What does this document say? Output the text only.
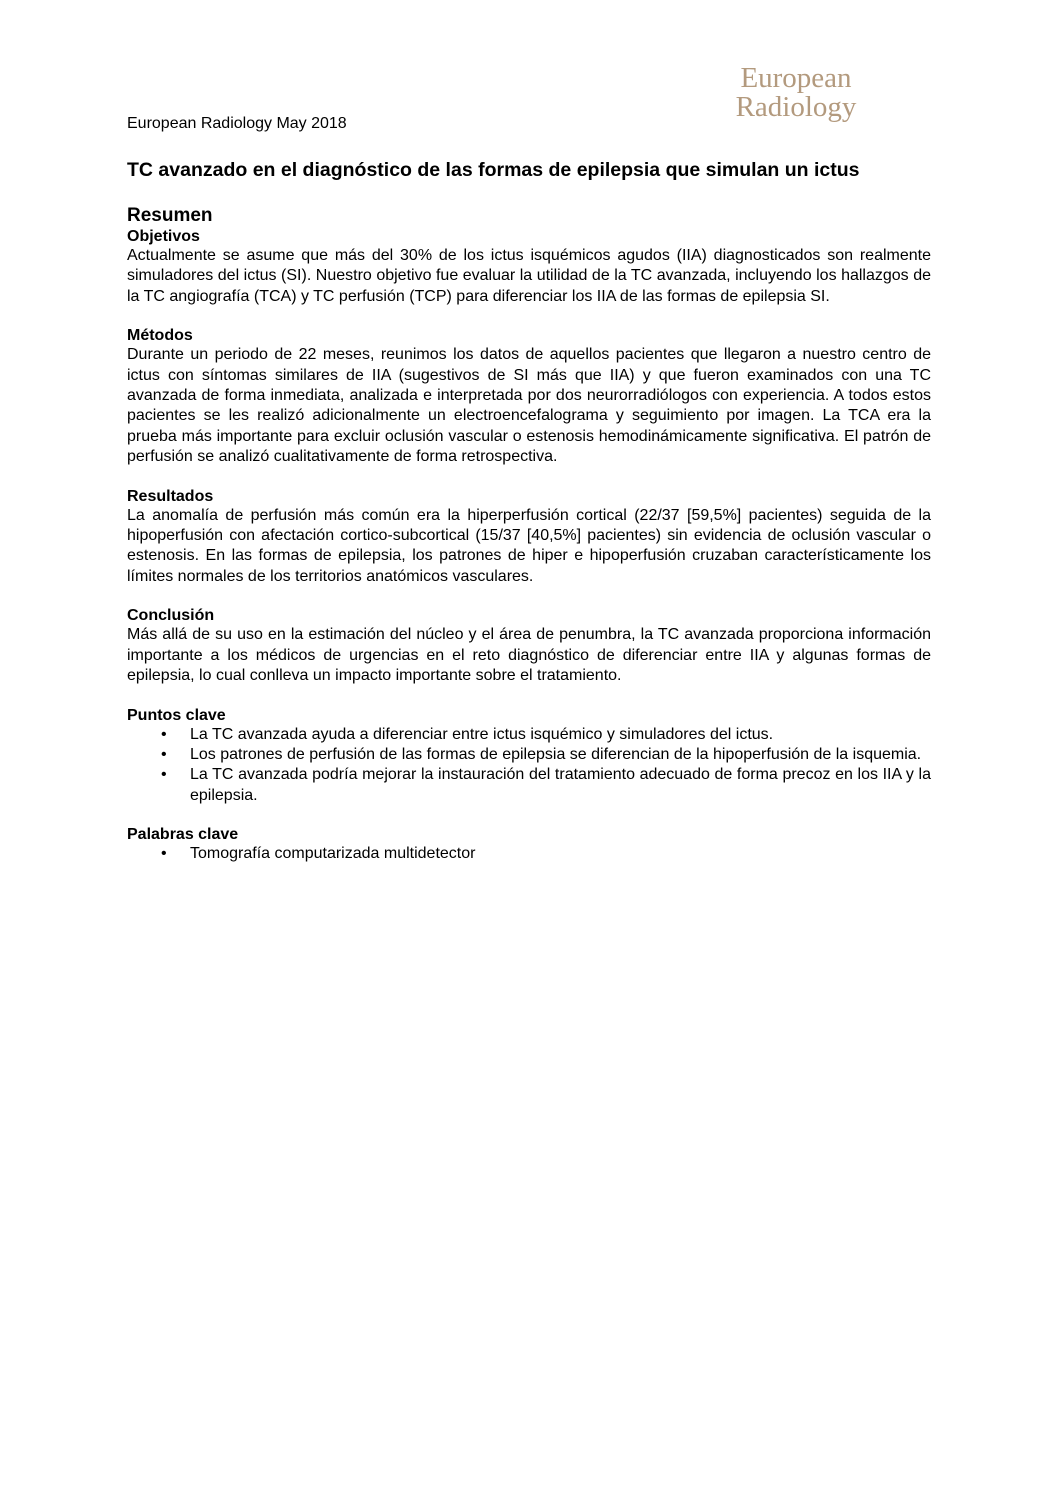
European
Radiology
European Radiology May 2018
TC avanzado en el diagnóstico de las formas de epilepsia que simulan un ictus
Resumen
Objetivos

Actualmente se asume que más del 30% de los ictus isquémicos agudos (IIA) diagnosticados son realmente simuladores del ictus (SI). Nuestro objetivo fue evaluar la utilidad de la TC avanzada, incluyendo los hallazgos de la TC angiografía (TCA) y TC perfusión (TCP) para diferenciar los IIA de las formas de epilepsia SI.

Métodos

Durante un periodo de 22 meses, reunimos los datos de aquellos pacientes que llegaron a nuestro centro de ictus con síntomas similares de IIA (sugestivos de SI más que IIA) y que fueron examinados con una TC avanzada de forma inmediata, analizada e interpretada por dos neurorradiólogos con experiencia. A todos estos pacientes se les realizó adicionalmente un electroencefalograma y seguimiento por imagen. La TCA era la prueba más importante para excluir oclusión vascular o estenosis hemodinámicamente significativa. El patrón de perfusión se analizó cualitativamente de forma retrospectiva.

Resultados

La anomalía de perfusión más común era la hiperperfusión cortical (22/37 [59,5%] pacientes) seguida de la hipoperfusión con afectación cortico-subcortical (15/37 [40,5%] pacientes) sin evidencia de oclusión vascular o estenosis. En las formas de epilepsia, los patrones de hiper e hipoperfusión cruzaban característicamente los límites normales de los territorios anatómicos vasculares.

Conclusión

Más allá de su uso en la estimación del núcleo y el área de penumbra, la TC avanzada proporciona información importante a los médicos de urgencias en el reto diagnóstico de diferenciar entre IIA y algunas formas de epilepsia, lo cual conlleva un impacto importante sobre el tratamiento.

Puntos clave
• La TC avanzada ayuda a diferenciar entre ictus isquémico y simuladores del ictus.
• Los patrones de perfusión de las formas de epilepsia se diferencian de la hipoperfusión de la isquemia.
• La TC avanzada podría mejorar la instauración del tratamiento adecuado de forma precoz en los IIA y la epilepsia.
Palabras clave
• Tomografía computarizada multidetector
